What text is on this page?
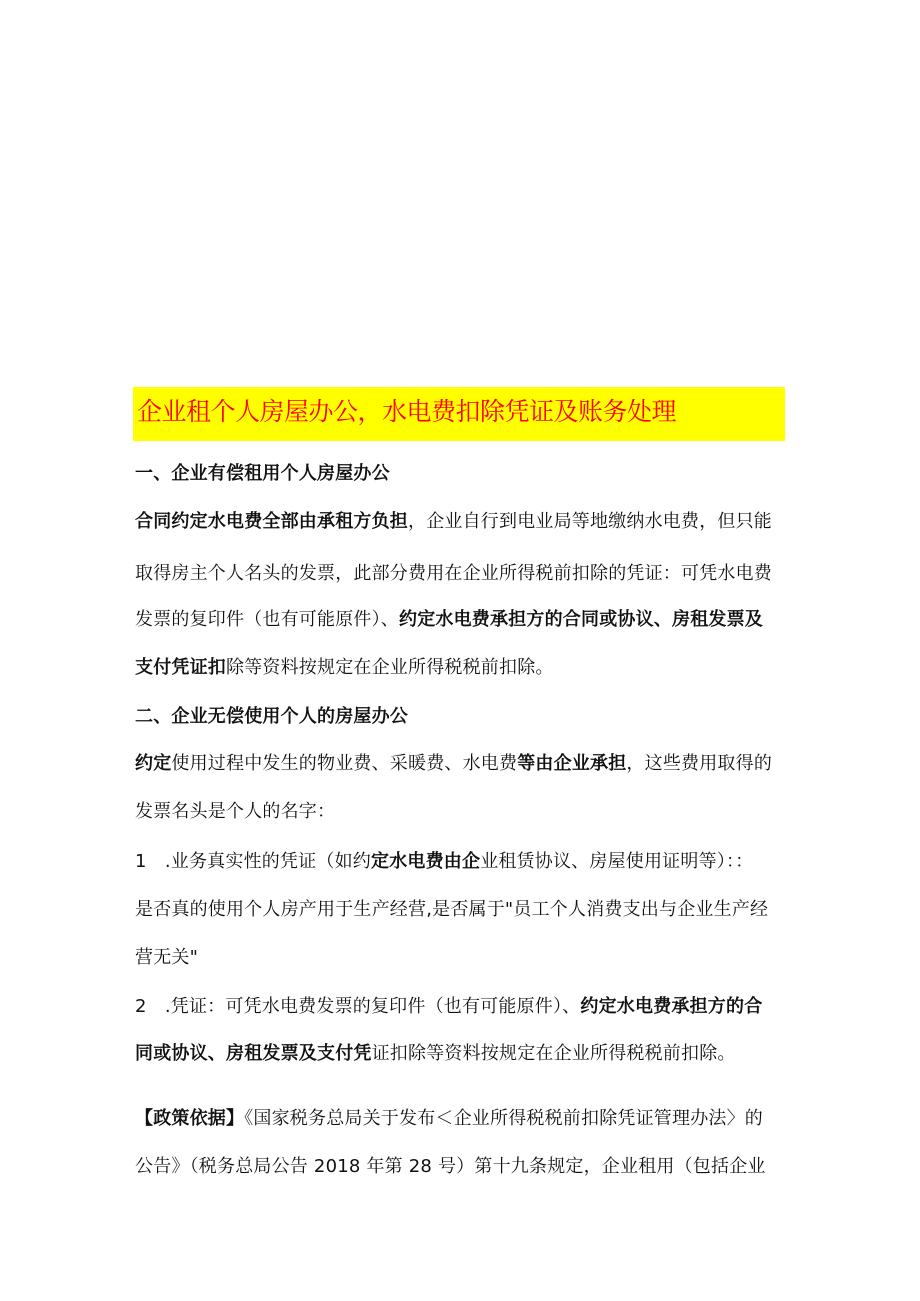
企业租个人房屋办公，水电费扣除凭证及账务处理
一、企业有偿租用个人房屋办公
合同约定水电费全部由承租方负担，企业自行到电业局等地缴纳水电费，但只能
取得房主个人名头的发票，此部分费用在企业所得税前扣除的凭证：可凭水电费
发票的复印件（也有可能原件）、约定水电费承担方的合同或协议、房租发票及
支付凭证扣除等资料按规定在企业所得税税前扣除。
二、企业无偿使用个人的房屋办公
约定使用过程中发生的物业费、采暖费、水电费等由企业承担，这些费用取得的
发票名头是个人的名字：
1　.业务真实性的凭证（如约定水电费由企业租赁协议、房屋使用证明等）：：
是否真的使用个人房产用于生产经营,是否属于"员工个人消费支出与企业生产经
营无关"
2　.凭证：可凭水电费发票的复印件（也有可能原件）、约定水电费承担方的合
同或协议、房租发票及支付凭证扣除等资料按规定在企业所得税税前扣除。
【政策依据】《国家税务总局关于发布＜企业所得税税前扣除凭证管理办法〉的
公告》（税务总局公告 2018 年第 28 号）第十九条规定，企业租用（包括企业
